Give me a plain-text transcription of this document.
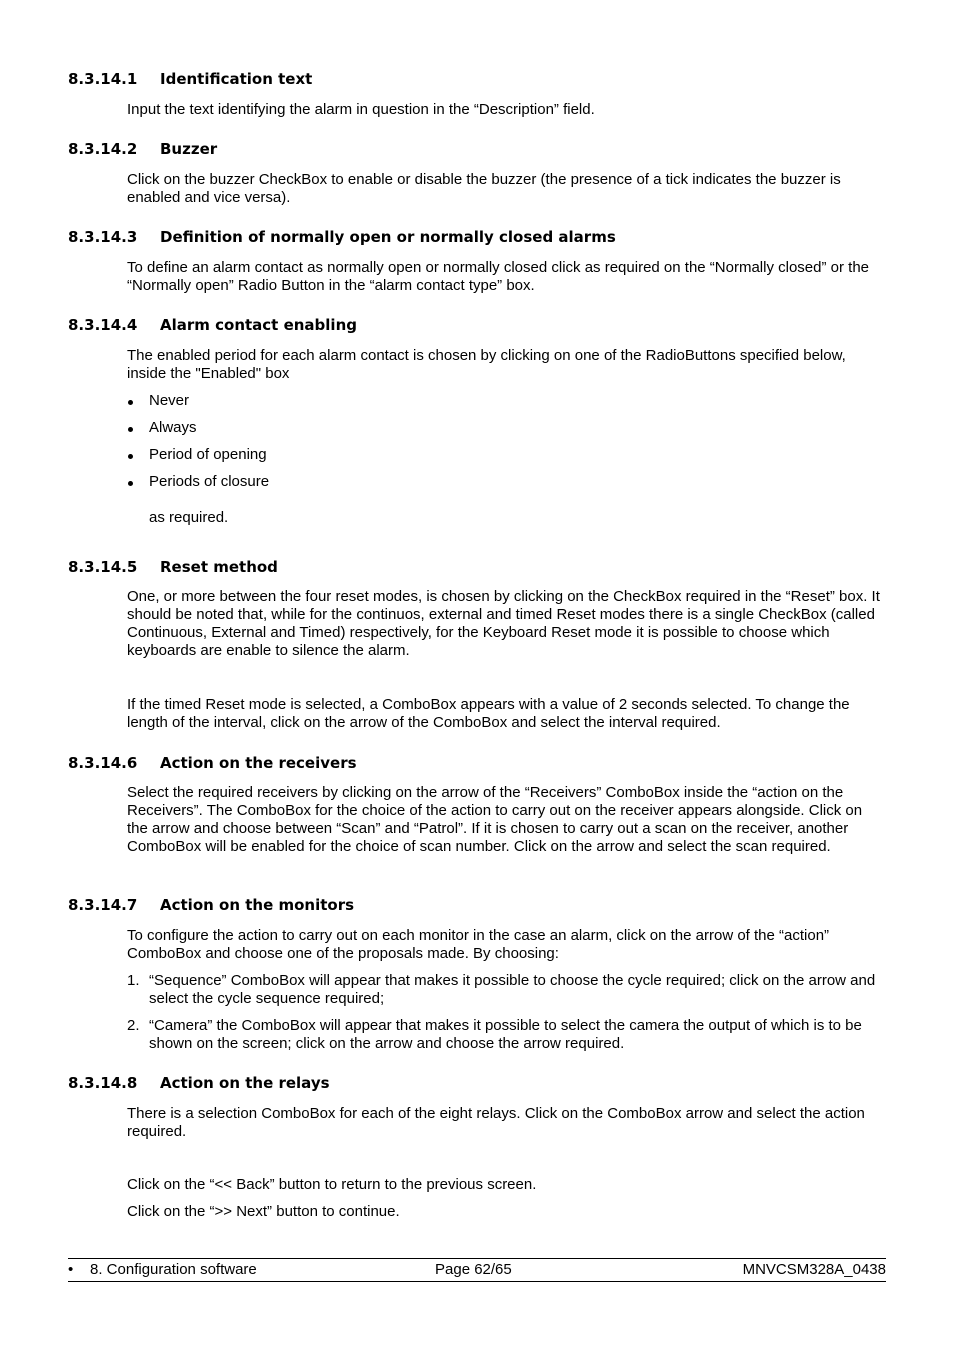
8.3.14.1	Identification text

Input the text identifying the alarm in question in the “Description” field.

8.3.14.2	Buzzer

Click on the buzzer CheckBox to enable or disable the buzzer (the presence of a tick indicates the buzzer is enabled and vice versa).

8.3.14.3	Definition of normally open or normally closed alarms

To define an alarm contact as normally open or normally closed click as required on the “Normally closed” or the “Normally open” Radio Button in the “alarm contact type” box.

8.3.14.4	Alarm contact enabling

The enabled period for each alarm contact is chosen by clicking on one of the RadioButtons specified below, inside the "Enabled" box

Never
Always
Period of opening
Periods of closure

as required.

8.3.14.5	Reset method

One, or more between the four reset modes, is chosen by clicking on the CheckBox required in the “Reset” box. It should be noted that, while for the continuos, external and timed Reset modes there is a single CheckBox (called Continuous, External and Timed) respectively, for the Keyboard Reset mode it is possible to choose which keyboards are enable to silence the alarm.

If the timed Reset mode is selected, a ComboBox appears with a value of 2 seconds selected. To change the length of the interval, click on the arrow of the ComboBox and select the interval required.

8.3.14.6	Action on the receivers

Select the required receivers by clicking on the arrow of the “Receivers” ComboBox inside the “action on the Receivers”. The ComboBox for the choice of the action to carry out on the receiver appears alongside. Click on the arrow and choose between “Scan” and “Patrol”. If it is chosen to carry out a scan on the receiver, another ComboBox will be enabled for the choice of scan number. Click on the arrow and select the scan required.

8.3.14.7	Action on the monitors

To configure the action to carry out on each monitor in the case an alarm, click on the arrow of the “action” ComboBox and choose one of the proposals made. By choosing:

1. “Sequence” ComboBox will appear that makes it possible to choose the cycle required; click on the arrow and select the cycle sequence required;
2. “Camera” the ComboBox will appear that makes it possible to select the camera the output of which is to be shown on the screen; click on the arrow and choose the arrow required.
8.3.14.8	Action on the relays

There is a selection ComboBox for each of the eight relays. Click on the ComboBox arrow and select the action required.

Click on the “<< Back” button to return to the previous screen.

Click on the “>> Next” button to continue.

• 8. Configuration software	Page 62/65	MNVCSM328A_0438
